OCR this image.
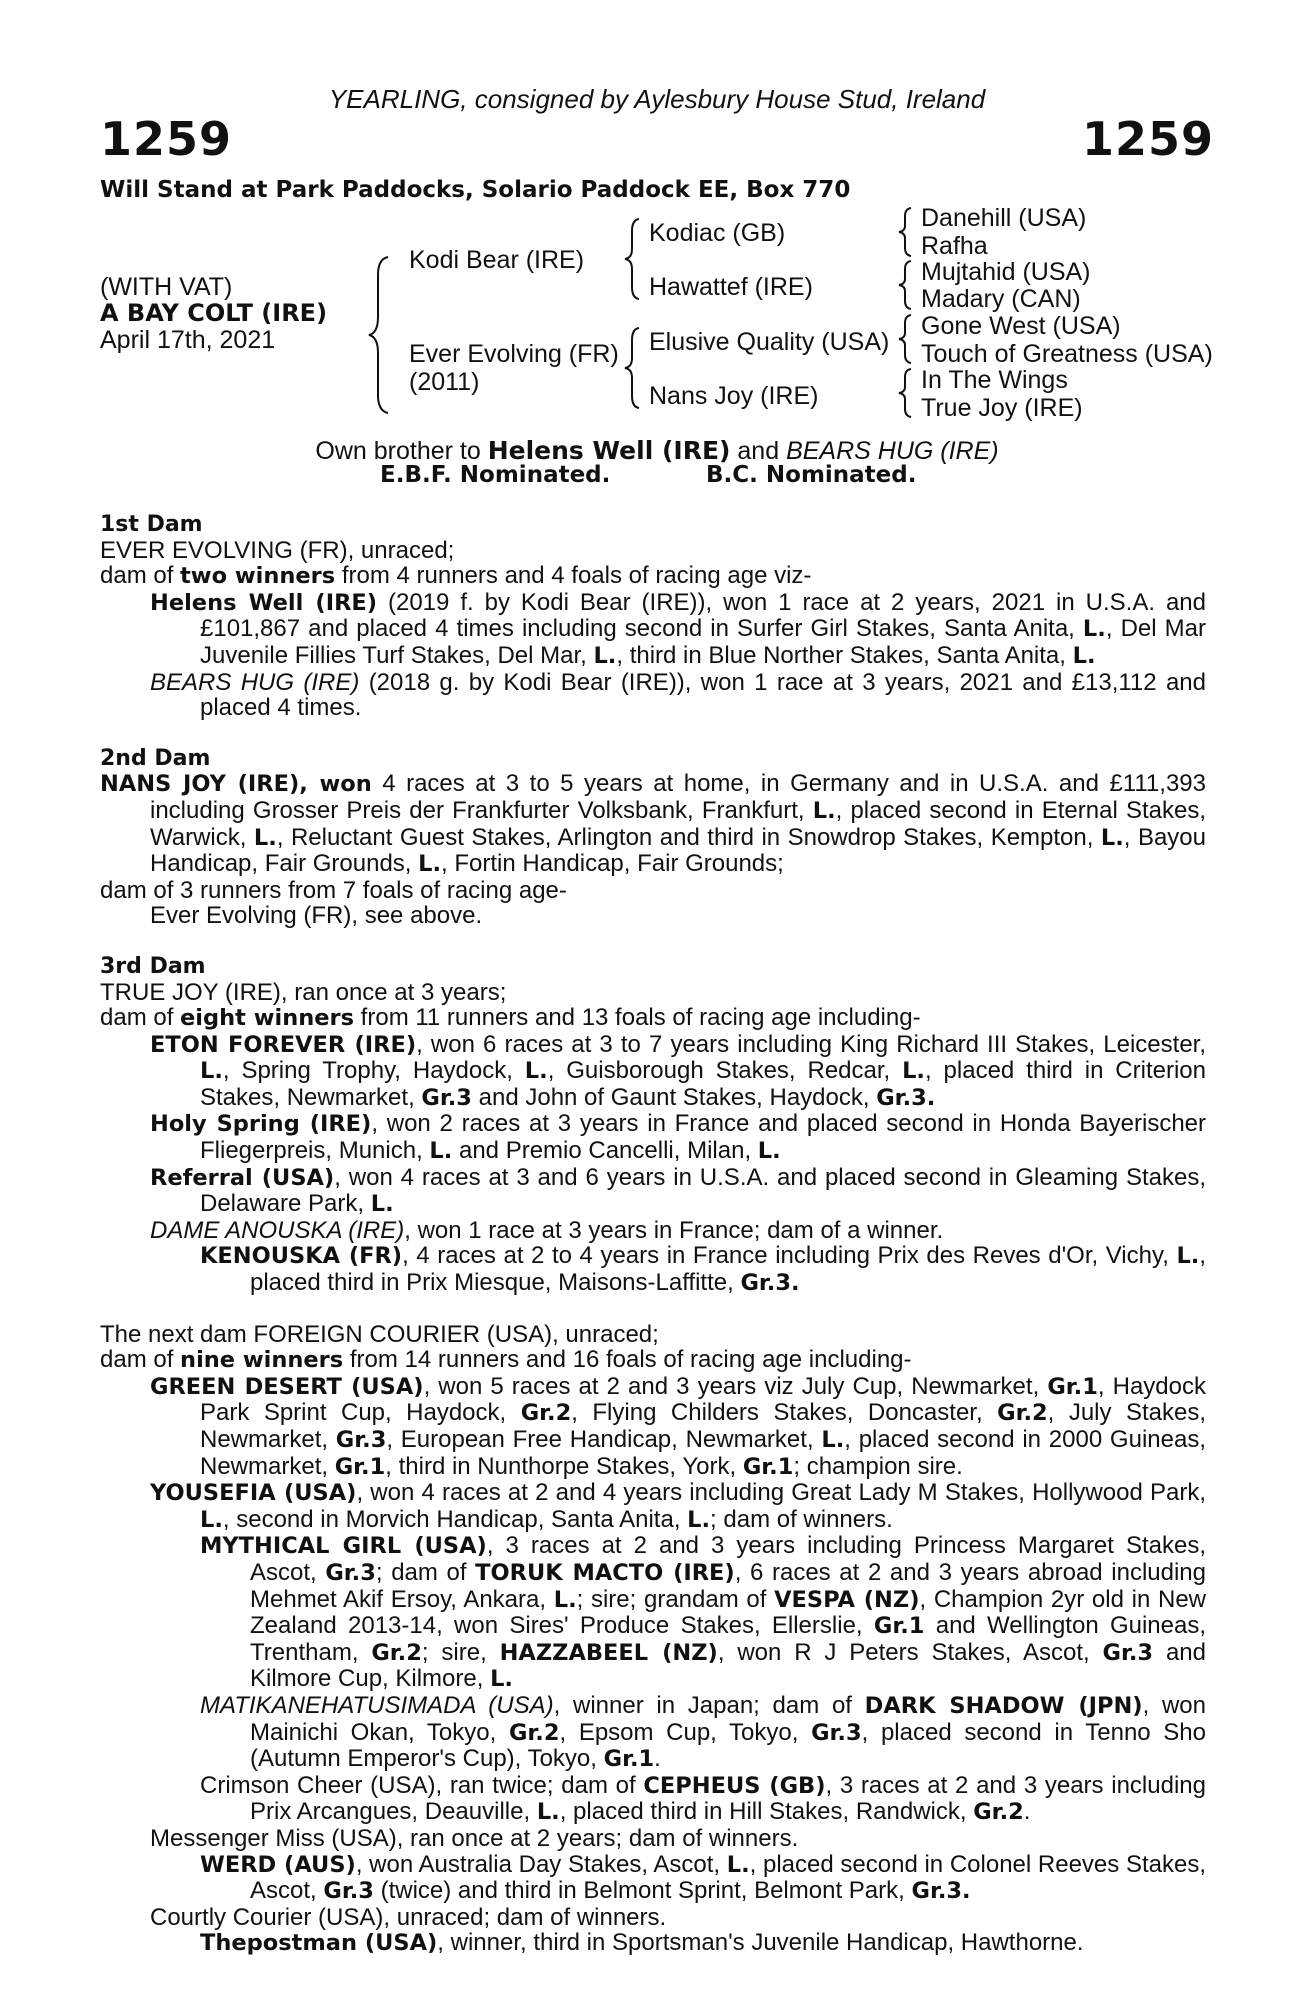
YEARLING, consigned by Aylesbury House Stud, Ireland
1259	1259
Will Stand at Park Paddocks, Solario Paddock EE, Box 770
(WITH VAT)
A BAY COLT (IRE)
April 17th, 2021
Kodi Bear (IRE)
Kodiac (GB)
Hawattef (IRE)
Danehill (USA)
Rafha
Mujtahid (USA)
Madary (CAN)
Ever Evolving (FR)
(2011)
Elusive Quality (USA)
Nans Joy (IRE)
Gone West (USA)
Touch of Greatness (USA)
In The Wings
True Joy (IRE)
Own brother to Helens Well (IRE) and BEARS HUG (IRE)
E.B.F. Nominated.	B.C. Nominated.

1st Dam

EVER EVOLVING (FR), unraced;

dam of two winners from 4 runners and 4 foals of racing age viz-

Helens Well (IRE) (2019 f. by Kodi Bear (IRE)), won 1 race at 2 years, 2021 in U.S.A. and £101,867 and placed 4 times including second in Surfer Girl Stakes, Santa Anita, L., Del Mar Juvenile Fillies Turf Stakes, Del Mar, L., third in Blue Norther Stakes, Santa Anita, L.

BEARS HUG (IRE) (2018 g. by Kodi Bear (IRE)), won 1 race at 3 years, 2021 and £13,112 and placed 4 times.

2nd Dam

NANS JOY (IRE), won 4 races at 3 to 5 years at home, in Germany and in U.S.A. and £111,393 including Grosser Preis der Frankfurter Volksbank, Frankfurt, L., placed second in Eternal Stakes, Warwick, L., Reluctant Guest Stakes, Arlington and third in Snowdrop Stakes, Kempton, L., Bayou Handicap, Fair Grounds, L., Fortin Handicap, Fair Grounds;

dam of 3 runners from 7 foals of racing age-

Ever Evolving (FR), see above.

3rd Dam

TRUE JOY (IRE), ran once at 3 years;

dam of eight winners from 11 runners and 13 foals of racing age including-

ETON FOREVER (IRE), won 6 races at 3 to 7 years including King Richard III Stakes, Leicester, L., Spring Trophy, Haydock, L., Guisborough Stakes, Redcar, L., placed third in Criterion Stakes, Newmarket, Gr.3 and John of Gaunt Stakes, Haydock, Gr.3.

Holy Spring (IRE), won 2 races at 3 years in France and placed second in Honda Bayerischer Fliegerpreis, Munich, L. and Premio Cancelli, Milan, L.

Referral (USA), won 4 races at 3 and 6 years in U.S.A. and placed second in Gleaming Stakes, Delaware Park, L.

DAME ANOUSKA (IRE), won 1 race at 3 years in France; dam of a winner.

KENOUSKA (FR), 4 races at 2 to 4 years in France including Prix des Reves d'Or, Vichy, L., placed third in Prix Miesque, Maisons-Laffitte, Gr.3.

The next dam FOREIGN COURIER (USA), unraced;

dam of nine winners from 14 runners and 16 foals of racing age including-

GREEN DESERT (USA), won 5 races at 2 and 3 years viz July Cup, Newmarket, Gr.1, Haydock Park Sprint Cup, Haydock, Gr.2, Flying Childers Stakes, Doncaster, Gr.2, July Stakes, Newmarket, Gr.3, European Free Handicap, Newmarket, L., placed second in 2000 Guineas, Newmarket, Gr.1, third in Nunthorpe Stakes, York, Gr.1; champion sire.

YOUSEFIA (USA), won 4 races at 2 and 4 years including Great Lady M Stakes, Hollywood Park, L., second in Morvich Handicap, Santa Anita, L.; dam of winners.

MYTHICAL GIRL (USA), 3 races at 2 and 3 years including Princess Margaret Stakes, Ascot, Gr.3; dam of TORUK MACTO (IRE), 6 races at 2 and 3 years abroad including Mehmet Akif Ersoy, Ankara, L.; sire; grandam of VESPA (NZ), Champion 2yr old in New Zealand 2013-14, won Sires' Produce Stakes, Ellerslie, Gr.1 and Wellington Guineas, Trentham, Gr.2; sire, HAZZABEEL (NZ), won R J Peters Stakes, Ascot, Gr.3 and Kilmore Cup, Kilmore, L.

MATIKANEHATUSIMADA (USA), winner in Japan; dam of DARK SHADOW (JPN), won Mainichi Okan, Tokyo, Gr.2, Epsom Cup, Tokyo, Gr.3, placed second in Tenno Sho (Autumn Emperor's Cup), Tokyo, Gr.1.

Crimson Cheer (USA), ran twice; dam of CEPHEUS (GB), 3 races at 2 and 3 years including Prix Arcangues, Deauville, L., placed third in Hill Stakes, Randwick, Gr.2.

Messenger Miss (USA), ran once at 2 years; dam of winners.

WERD (AUS), won Australia Day Stakes, Ascot, L., placed second in Colonel Reeves Stakes, Ascot, Gr.3 (twice) and third in Belmont Sprint, Belmont Park, Gr.3.

Courtly Courier (USA), unraced; dam of winners.

Thepostman (USA), winner, third in Sportsman's Juvenile Handicap, Hawthorne.
